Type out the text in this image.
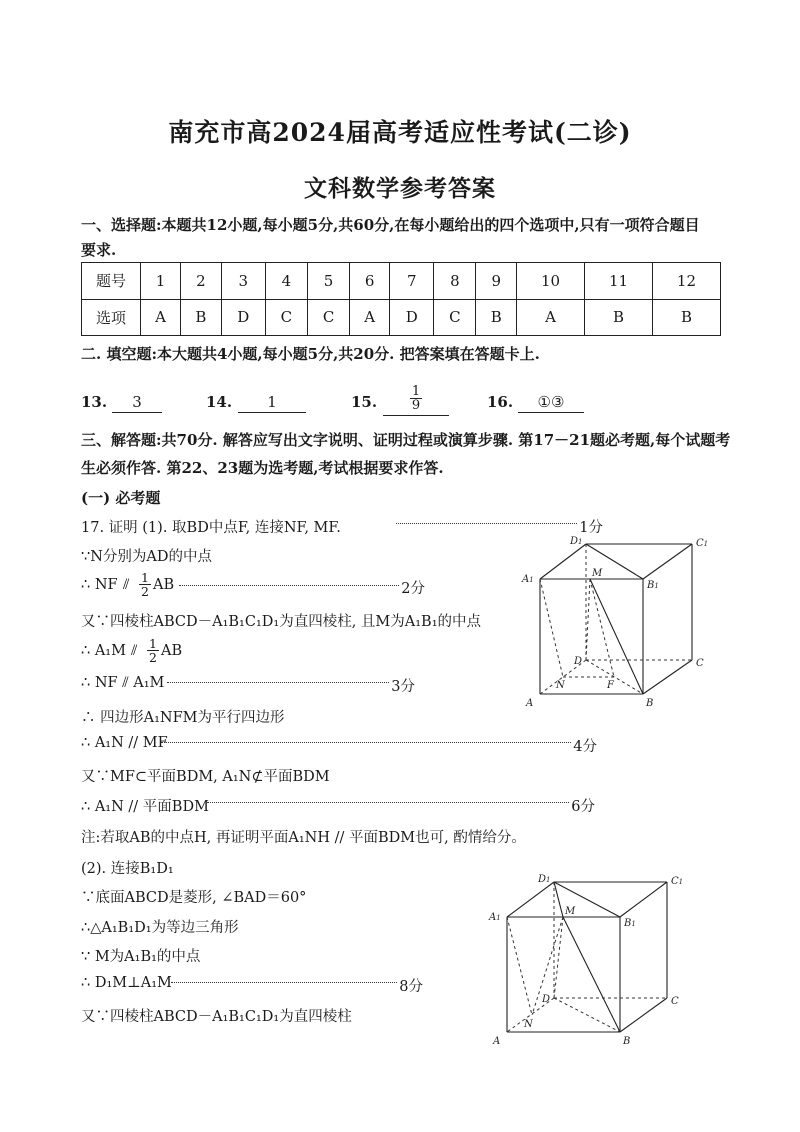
南充市高2024届高考适应性考试(二诊)
文科数学参考答案
一、选择题:本题共12小题,每小题5分,共60分,在每小题给出的四个选项中,只有一项符合题目
要求.
题号	1	2	3	4	5	6	7	8	9	10	11	12
选项	A	B	D	C	C	A	D	C	B	A	B	B
二. 填空题:本大题共4小题,每小题5分,共20分. 把答案填在答题卡上.
13.	3	14.	1	15.	$\frac{1}{9}$	16.	①③
三、解答题:共70分. 解答应写出文字说明、证明过程或演算步骤. 第17－21题必考题,每个试题考
生必须作答. 第22、23题为选考题,考试根据要求作答.
(一) 必考题
17. 证明 (1). 取BD中点F, 连接NF, MF.	1分
∵N分别为AD的中点
∴ NF ⫽ $\frac{1}{2}$ AB	2分
又∵四棱柱ABCD－A₁B₁C₁D₁为直四棱柱, 且M为A₁B₁的中点
∴ A₁M ⫽ $\frac{1}{2}$ AB
∴ NF ⫽ A₁M	3分
∴ 四边形A₁NFM为平行四边形
∴ A₁N // MF	4分
又∵MF⊂平面BDM, A₁N⊄平面BDM
∴ A₁N // 平面BDM	6分
注:若取AB的中点H, 再证明平面A₁NH // 平面BDM也可, 酌情给分。
(2). 连接B₁D₁
∵底面ABCD是菱形, ∠BAD＝60°
∴△A₁B₁D₁为等边三角形
∵ M为A₁B₁的中点
∴ D₁M⊥A₁M	8分
又∵四棱柱ABCD－A₁B₁C₁D₁为直四棱柱
D1	C1
A1	B1
M
D	C
N	F
A	B
D1	C1
A1	B1
M
D	C
N
A	B
